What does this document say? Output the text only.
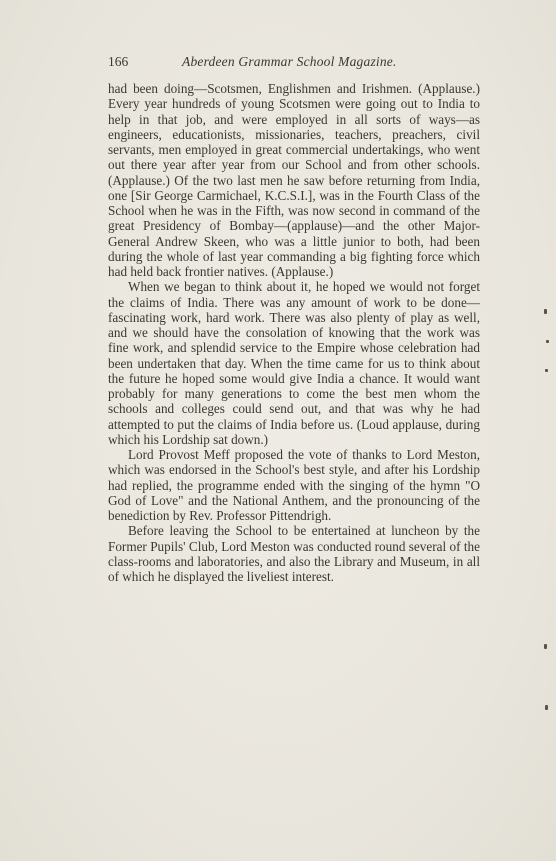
166	Aberdeen Grammar School Magazine.

had been doing—Scotsmen, Englishmen and Irishmen. (Applause.) Every year hundreds of young Scotsmen were going out to India to help in that job, and were employed in all sorts of ways—as engineers, educationists, missionaries, teachers, preachers, civil servants, men employed in great commercial undertakings, who went out there year after year from our School and from other schools. (Applause.) Of the two last men he saw before returning from India, one [Sir George Carmichael, K.C.S.I.], was in the Fourth Class of the School when he was in the Fifth, was now second in command of the great Presidency of Bombay—(applause)—and the other Major-General Andrew Skeen, who was a little junior to both, had been during the whole of last year commanding a big fighting force which had held back frontier natives. (Applause.)

When we began to think about it, he hoped we would not forget the claims of India. There was any amount of work to be done—fascinating work, hard work. There was also plenty of play as well, and we should have the consolation of knowing that the work was fine work, and splendid service to the Empire whose celebration had been undertaken that day. When the time came for us to think about the future he hoped some would give India a chance. It would want probably for many generations to come the best men whom the schools and colleges could send out, and that was why he had attempted to put the claims of India before us. (Loud applause, during which his Lordship sat down.)

Lord Provost Meff proposed the vote of thanks to Lord Meston, which was endorsed in the School's best style, and after his Lordship had replied, the programme ended with the singing of the hymn "O God of Love" and the National Anthem, and the pronouncing of the benediction by Rev. Professor Pittendrigh.

Before leaving the School to be entertained at luncheon by the Former Pupils' Club, Lord Meston was conducted round several of the class-rooms and laboratories, and also the Library and Museum, in all of which he displayed the liveliest interest.
